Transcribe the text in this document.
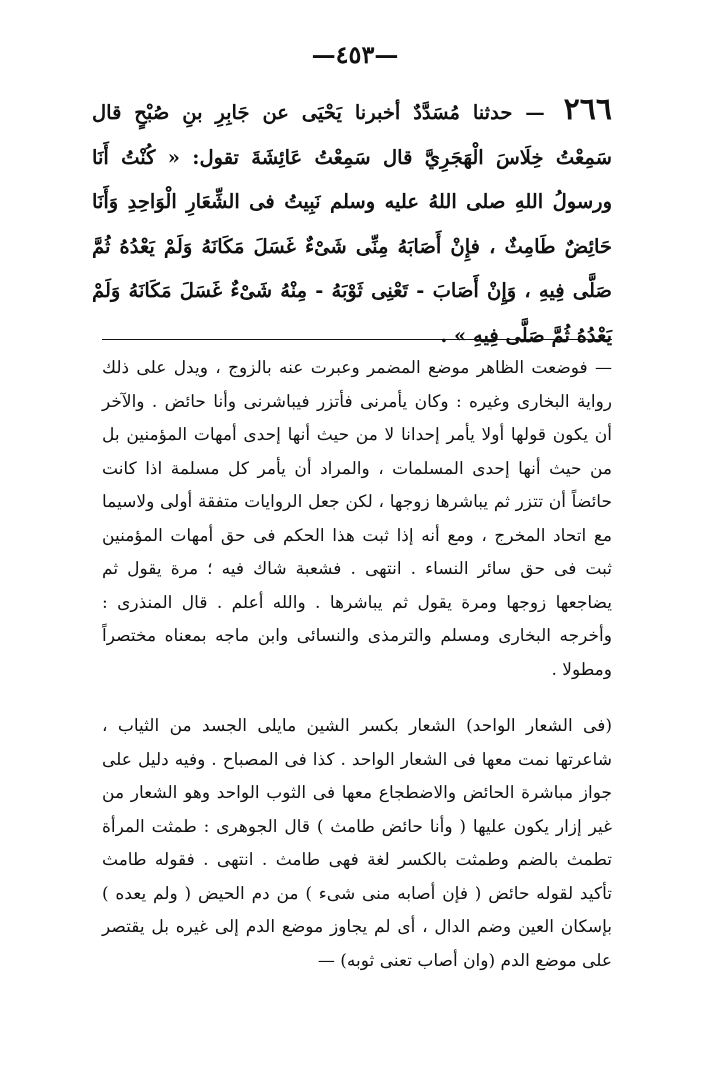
—٤٥٣—
٢٦٦ — حدثنا مُسَدَّدٌ أخبرنا يَحْيَى عن جَابِرِ بنِ صُبْحٍ قال سَمِعْتُ خِلَاسَ الْهَجَرِيَّ قال سَمِعْتُ عَائِشَةَ تقول: « كُنْتُ أَنَا ورسولُ اللهِ صلى اللهُ عليه وسلم نَبِيتُ فى الشِّعَارِ الْوَاحِدِ وَأَنَا حَائِضٌ طَامِثٌ ، فإِنْ أَصَابَهُ مِنِّى شَىْءٌ غَسَلَ مَكَانَهُ وَلَمْ يَعْدُهُ ثُمَّ صَلَّى فِيهِ ، وَإِنْ أَصَابَ - تَعْنِى ثَوْبَهُ - مِنْهُ شَىْءٌ غَسَلَ مَكَانَهُ وَلَمْ يَعْدُهُ ثُمَّ صَلَّى فِيهِ » .

— فوضعت الظاهر موضع المضمر وعبرت عنه بالزوج ، ويدل على ذلك رواية البخارى وغيره : وكان يأمرنى فأتزر فيباشرنى وأنا حائض . والآخر أن يكون قولها أولا يأمر إحدانا لا من حيث أنها إحدى أمهات المؤمنين بل من حيث أنها إحدى المسلمات ، والمراد أن يأمر كل مسلمة اذا كانت حائضاً أن تتزر ثم يباشرها زوجها ، لكن جعل الروايات متفقة أولى ولاسيما مع اتحاد المخرج ، ومع أنه إذا ثبت هذا الحكم فى حق أمهات المؤمنين ثبت فى حق سائر النساء . انتهى . فشعبة شاك فيه ؛ مرة يقول ثم يضاجعها زوجها ومرة يقول ثم يباشرها . والله أعلم . قال المنذرى : وأخرجه البخارى ومسلم والترمذى والنسائى وابن ماجه بمعناه مختصراً ومطولا .

(فى الشعار الواحد) الشعار بكسر الشين مايلى الجسد من الثياب ، شاعرتها نمت معها فى الشعار الواحد . كذا فى المصباح . وفيه دليل على جواز مباشرة الحائض والاضطجاع معها فى الثوب الواحد وهو الشعار من غير إزار يكون عليها ( وأنا حائض طامث ) قال الجوهرى : طمثت المرأة تطمث بالضم وطمثت بالكسر لغة فهى طامث . انتهى . فقوله طامث تأكيد لقوله حائض ( فإن أصابه منى شىء ) من دم الحيض ( ولم يعده ) بإسكان العين وضم الدال ، أى لم يجاوز موضع الدم إلى غيره بل يقتصر على موضع الدم (وان أصاب تعنى ثوبه) —
